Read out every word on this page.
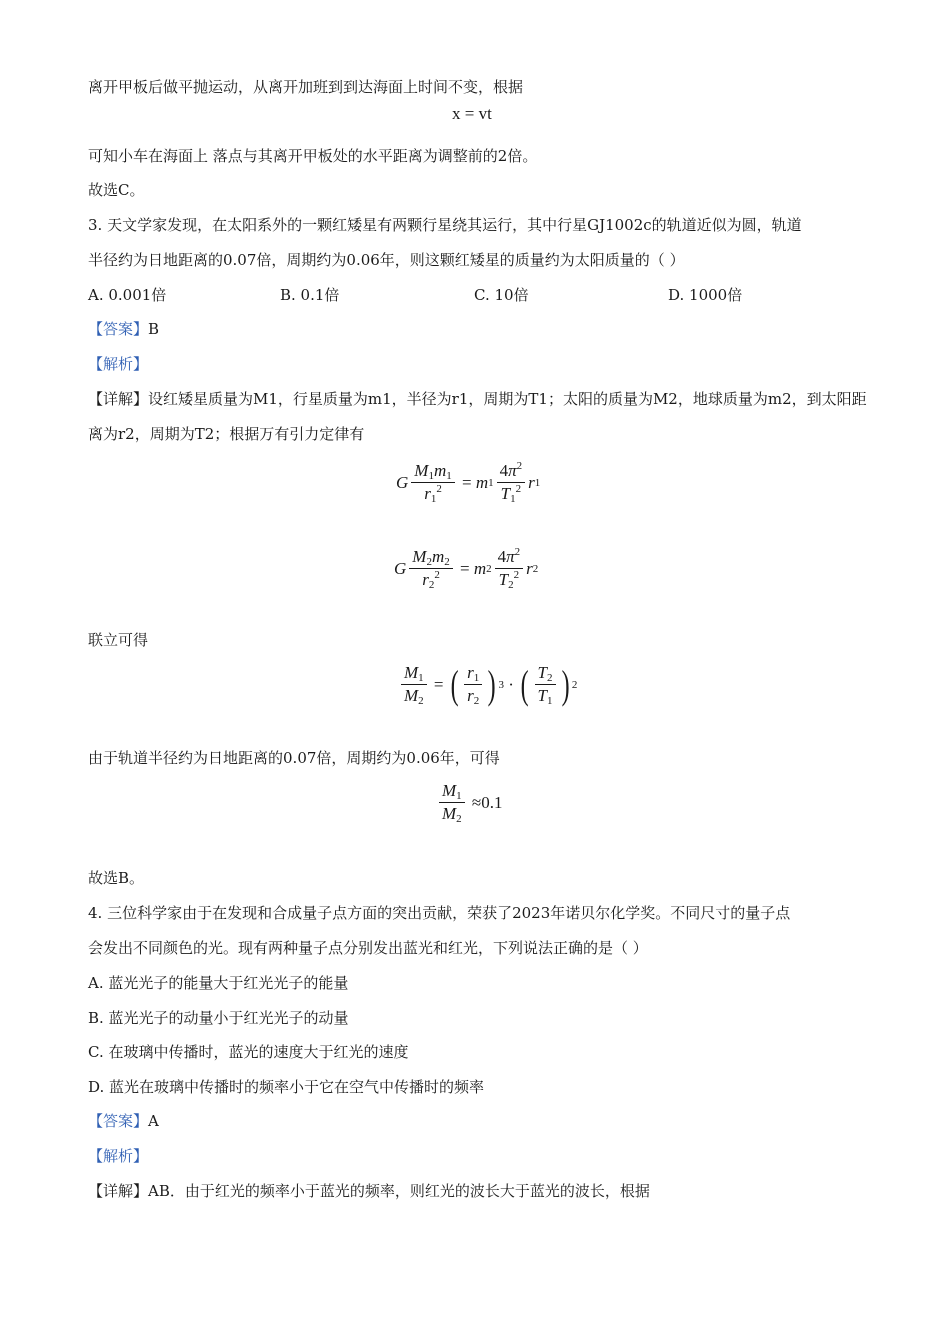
离开甲板后做平抛运动，从离开加班到到达海面上时间不变，根据
x = vt
可知小车在海面上 落点与其离开甲板处的水平距离为调整前的2倍。
故选C。
3. 天文学家发现，在太阳系外的一颗红矮星有两颗行星绕其运行，其中行星GJ1002c的轨道近似为圆，轨道
半径约为日地距离的0.07倍，周期约为0.06年，则这颗红矮星的质量约为太阳质量的（ ）
A. 0.001倍	B. 0.1倍	C. 10倍	D. 1000倍
【答案】B
【解析】
【详解】设红矮星质量为M1，行星质量为m1，半径为r1，周期为T1；太阳的质量为M2，地球质量为m2，到太阳距
离为r2，周期为T2；根据万有引力定律有
G $\frac{M_1m_1}{r_1^2} = m$ $1 \frac{4\pi^2}{T_1^2}$ r 1
G $\frac{M_2m_2}{r_2^2} = m$ $2 \frac{4\pi^2}{T_2^2}$ r 2
联立可得
$\frac{M_1}{M_2}$ = ( $\frac{r_1}{r_2}$ ) 3 · ( $\frac{T_2}{T_1}$ ) 2
由于轨道半径约为日地距离的0.07倍，周期约为0.06年，可得
$\frac{M_1}{M_2} \approx 0.1$
故选B。
4. 三位科学家由于在发现和合成量子点方面的突出贡献，荣获了2023年诺贝尔化学奖。不同尺寸的量子点
会发出不同颜色的光。现有两种量子点分别发出蓝光和红光，下列说法正确的是（ ）
A. 蓝光光子的能量大于红光光子的能量
B. 蓝光光子的动量小于红光光子的动量
C. 在玻璃中传播时，蓝光的速度大于红光的速度
D. 蓝光在玻璃中传播时的频率小于它在空气中传播时的频率
【答案】A
【解析】
【详解】AB．由于红光的频率小于蓝光的频率，则红光的波长大于蓝光的波长，根据
